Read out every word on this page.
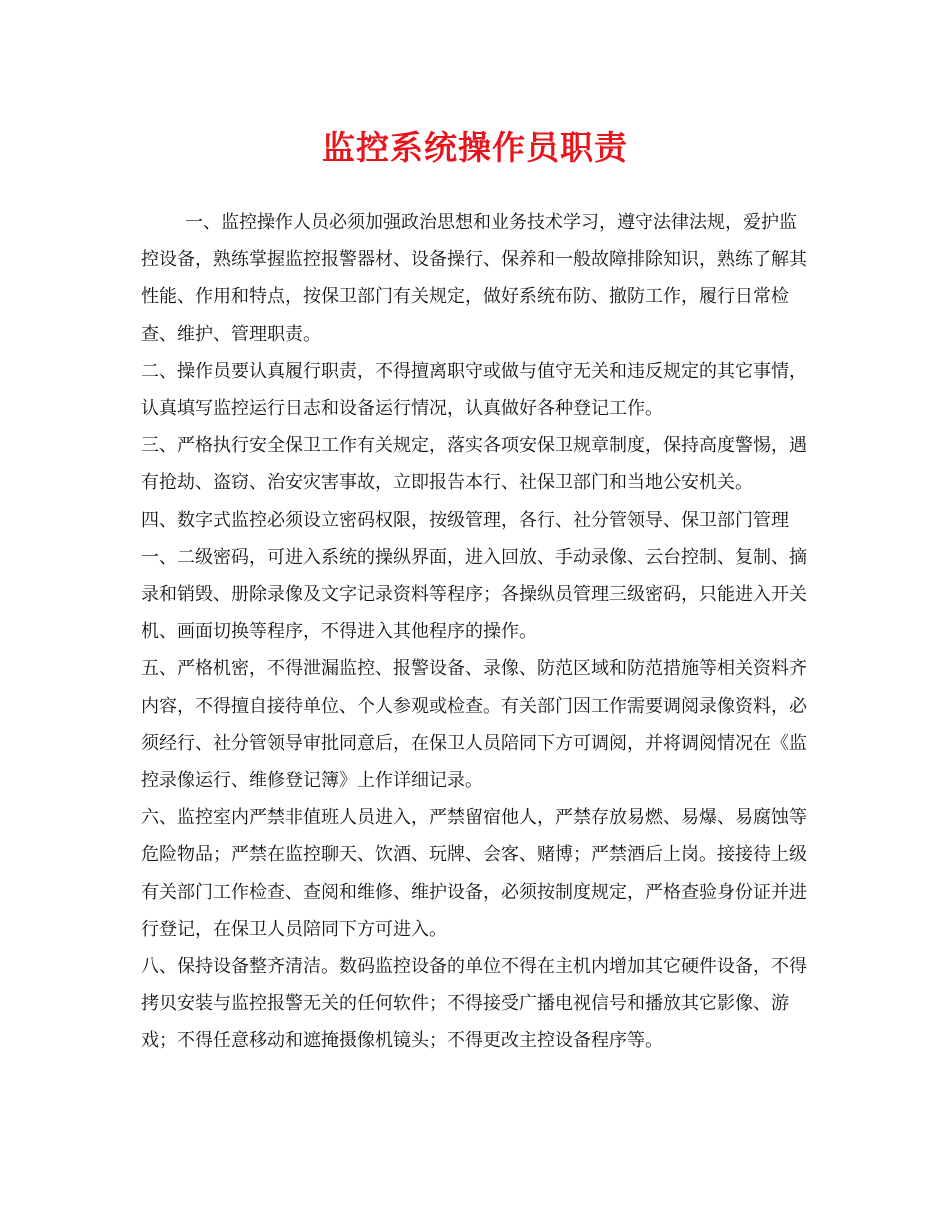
监控系统操作员职责

一、监控操作人员必须加强政治思想和业务技术学习，遵守法律法规，爱护监控设备，熟练掌握监控报警器材、设备操行、保养和一般故障排除知识，熟练了解其性能、作用和特点，按保卫部门有关规定，做好系统布防、撤防工作，履行日常检查、维护、管理职责。

二、操作员要认真履行职责，不得擅离职守或做与值守无关和违反规定的其它事情，认真填写监控运行日志和设备运行情况，认真做好各种登记工作。

三、严格执行安全保卫工作有关规定，落实各项安保卫规章制度，保持高度警惕，遇有抢劫、盗窃、治安灾害事故，立即报告本行、社保卫部门和当地公安机关。

四、数字式监控必须设立密码权限，按级管理，各行、社分管领导、保卫部门管理一、二级密码，可进入系统的操纵界面，进入回放、手动录像、云台控制、复制、摘录和销毁、册除录像及文字记录资料等程序；各操纵员管理三级密码，只能进入开关机、画面切换等程序，不得进入其他程序的操作。

五、严格机密，不得泄漏监控、报警设备、录像、防范区域和防范措施等相关资料齐内容，不得擅自接待单位、个人参观或检查。有关部门因工作需要调阅录像资料，必须经行、社分管领导审批同意后，在保卫人员陪同下方可调阅，并将调阅情况在《监控录像运行、维修登记簿》上作详细记录。

六、监控室内严禁非值班人员进入，严禁留宿他人，严禁存放易燃、易爆、易腐蚀等危险物品；严禁在监控聊天、饮酒、玩牌、会客、赌博；严禁酒后上岗。接接待上级有关部门工作检查、查阅和维修、维护设备，必须按制度规定，严格查验身份证并进行登记，在保卫人员陪同下方可进入。

八、保持设备整齐清洁。数码监控设备的单位不得在主机内增加其它硬件设备，不得拷贝安装与监控报警无关的任何软件；不得接受广播电视信号和播放其它影像、游戏；不得任意移动和遮掩摄像机镜头；不得更改主控设备程序等。
